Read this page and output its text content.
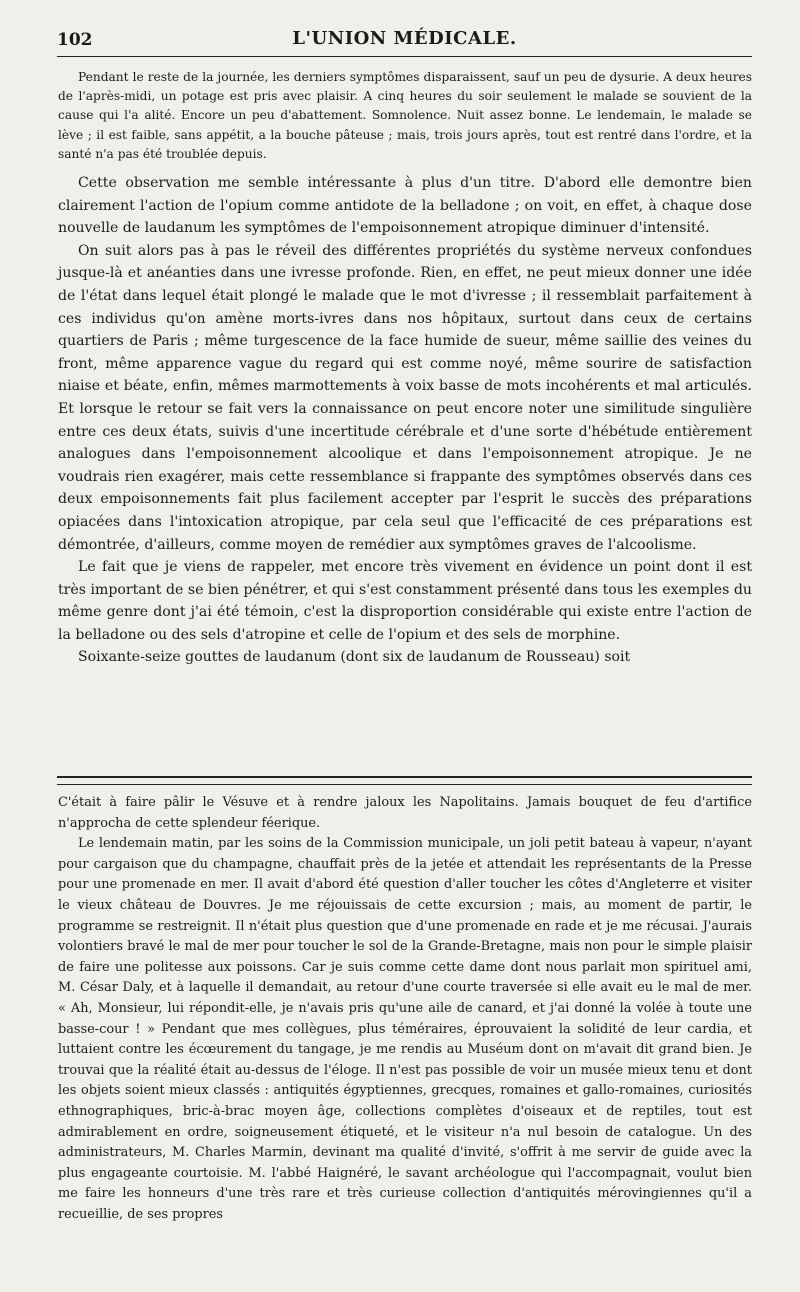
102	L'UNION MÉDICALE.

Pendant le reste de la journée, les derniers symptômes disparaissent, sauf un peu de dysurie. A deux heures de l'après-midi, un potage est pris avec plaisir. A cinq heures du soir seulement le malade se souvient de la cause qui l'a alité. Encore un peu d'abattement. Somnolence. Nuit assez bonne. Le lendemain, le malade se lève ; il est faible, sans appétit, a la bouche pâteuse ; mais, trois jours après, tout est rentré dans l'ordre, et la santé n'a pas été troublée depuis.

Cette observation me semble intéressante à plus d'un titre. D'abord elle demontre bien clairement l'action de l'opium comme antidote de la belladone ; on voit, en effet, à chaque dose nouvelle de laudanum les symptômes de l'empoisonnement atropique diminuer d'intensité.

On suit alors pas à pas le réveil des différentes propriétés du système nerveux confondues jusque-là et anéanties dans une ivresse profonde. Rien, en effet, ne peut mieux donner une idée de l'état dans lequel était plongé le malade que le mot d'ivresse ; il ressemblait parfaitement à ces individus qu'on amène morts-ivres dans nos hôpitaux, surtout dans ceux de certains quartiers de Paris ; même turgescence de la face humide de sueur, même saillie des veines du front, même apparence vague du regard qui est comme noyé, même sourire de satisfaction niaise et béate, enfin, mêmes marmottements à voix basse de mots incohérents et mal articulés. Et lorsque le retour se fait vers la connaissance on peut encore noter une similitude singulière entre ces deux états, suivis d'une incertitude cérébrale et d'une sorte d'hébétude entièrement analogues dans l'empoisonnement alcoolique et dans l'empoisonnement atropique. Je ne voudrais rien exagérer, mais cette ressemblance si frappante des symptômes observés dans ces deux empoisonnements fait plus facilement accepter par l'esprit le succès des préparations opiacées dans l'intoxication atropique, par cela seul que l'efficacité de ces préparations est démontrée, d'ailleurs, comme moyen de remédier aux symptômes graves de l'alcoolisme.

Le fait que je viens de rappeler, met encore très vivement en évidence un point dont il est très important de se bien pénétrer, et qui s'est constamment présenté dans tous les exemples du même genre dont j'ai été témoin, c'est la disproportion considérable qui existe entre l'action de la belladone ou des sels d'atropine et celle de l'opium et des sels de morphine.

Soixante-seize gouttes de laudanum (dont six de laudanum de Rousseau) soit

C'était à faire pâlir le Vésuve et à rendre jaloux les Napolitains. Jamais bouquet de feu d'artifice n'approcha de cette splendeur féerique.

Le lendemain matin, par les soins de la Commission municipale, un joli petit bateau à vapeur, n'ayant pour cargaison que du champagne, chauffait près de la jetée et attendait les représentants de la Presse pour une promenade en mer. Il avait d'abord été question d'aller toucher les côtes d'Angleterre et visiter le vieux château de Douvres. Je me réjouissais de cette excursion ; mais, au moment de partir, le programme se restreignit. Il n'était plus question que d'une promenade en rade et je me récusai. J'aurais volontiers bravé le mal de mer pour toucher le sol de la Grande-Bretagne, mais non pour le simple plaisir de faire une politesse aux poissons. Car je suis comme cette dame dont nous parlait mon spirituel ami, M. César Daly, et à laquelle il demandait, au retour d'une courte traversée si elle avait eu le mal de mer. « Ah, Monsieur, lui répondit-elle, je n'avais pris qu'une aile de canard, et j'ai donné la volée à toute une basse-cour ! » Pendant que mes collègues, plus téméraires, éprouvaient la solidité de leur cardia, et luttaient contre les écœurement du tangage, je me rendis au Muséum dont on m'avait dit grand bien. Je trouvai que la réalité était au-dessus de l'éloge. Il n'est pas possible de voir un musée mieux tenu et dont les objets soient mieux classés : antiquités égyptiennes, grecques, romaines et gallo-romaines, curiosités ethnographiques, bric-à-brac moyen âge, collections complètes d'oiseaux et de reptiles, tout est admirablement en ordre, soigneusement étiqueté, et le visiteur n'a nul besoin de catalogue. Un des administrateurs, M. Charles Marmin, devinant ma qualité d'invité, s'offrit à me servir de guide avec la plus engageante courtoisie. M. l'abbé Haignéré, le savant archéologue qui l'accompagnait, voulut bien me faire les honneurs d'une très rare et très curieuse collection d'antiquités mérovingiennes qu'il a recueillie, de ses propres
